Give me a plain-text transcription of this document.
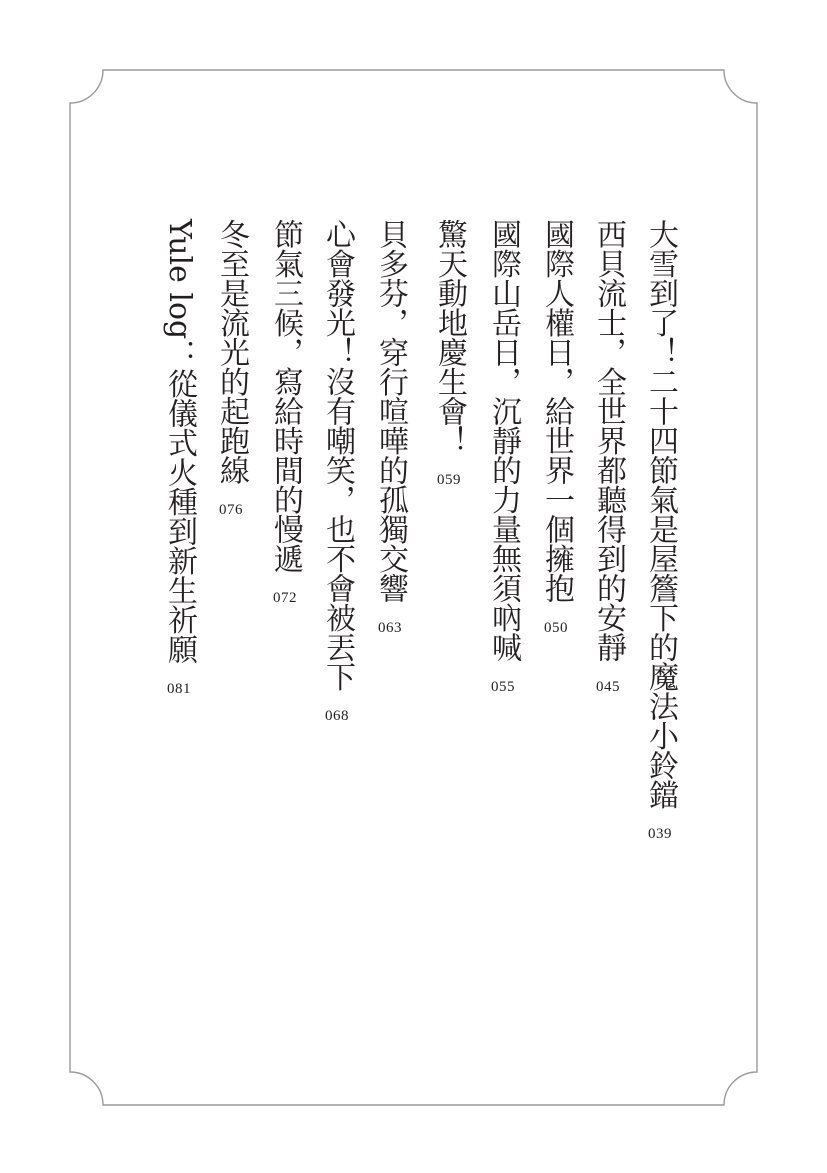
大雪到了！二十四節氣是屋簷下的魔法小鈴鐺
039
西貝流士，全世界都聽得到的安靜
045
國際人權日，給世界一個擁抱
050
國際山岳日，沉靜的力量無須吶喊
055
驚天動地慶生會！
059
貝多芬，穿行喧嘩的孤獨交響
063
心會發光！沒有嘲笑，也不會被丟下
068
節氣三候，寫給時間的慢遞
072
冬至是流光的起跑線
076
Yule log：從儀式火種到新生祈願
081
